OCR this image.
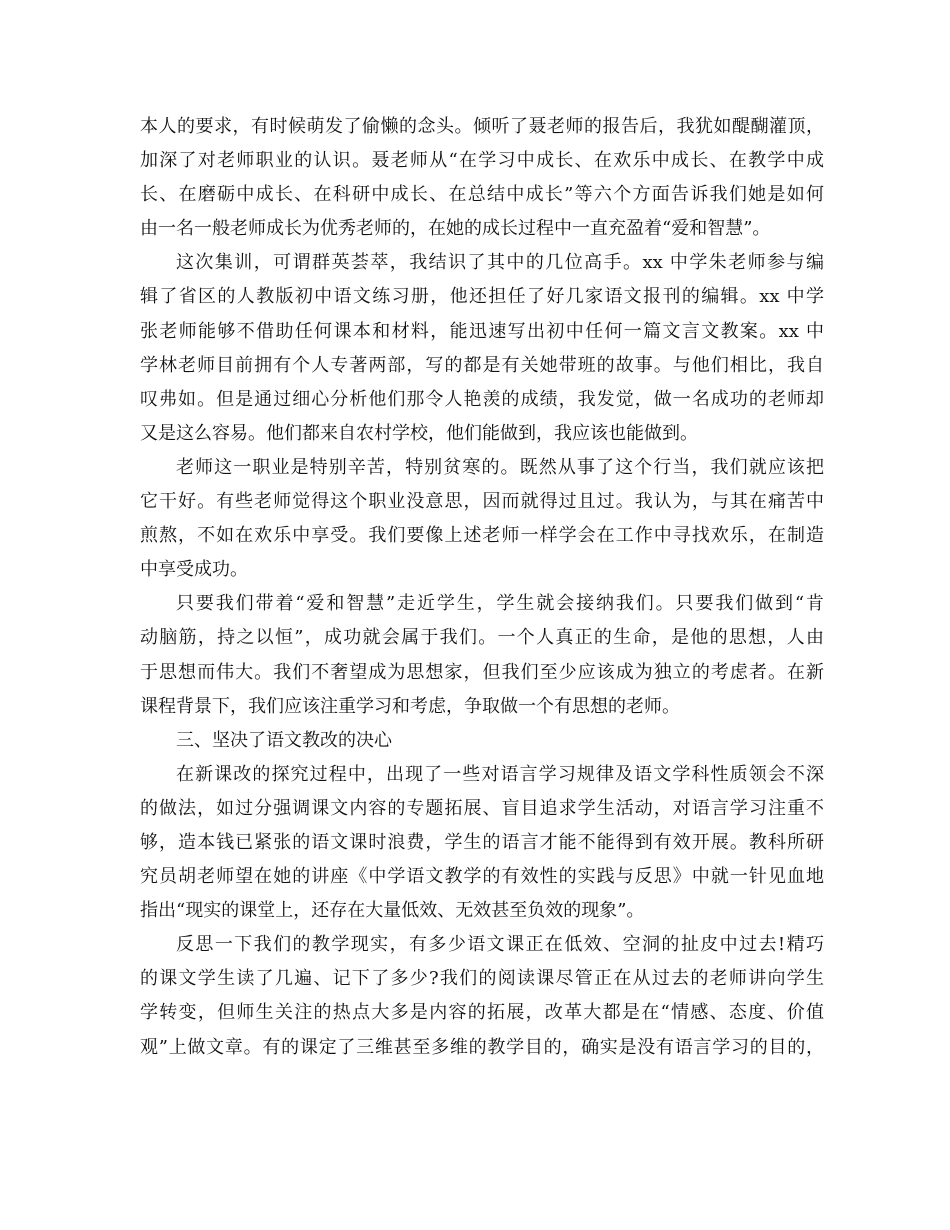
本人的要求，有时候萌发了偷懒的念头。倾听了聂老师的报告后，我犹如醍醐灌顶，
加深了对老师职业的认识。聂老师从“在学习中成长、在欢乐中成长、在教学中成
长、在磨砺中成长、在科研中成长、在总结中成长”等六个方面告诉我们她是如何
由一名一般老师成长为优秀老师的，在她的成长过程中一直充盈着“爱和智慧”。
这次集训，可谓群英荟萃，我结识了其中的几位高手。xx 中学朱老师参与编
辑了省区的人教版初中语文练习册，他还担任了好几家语文报刊的编辑。xx 中学
张老师能够不借助任何课本和材料，能迅速写出初中任何一篇文言文教案。xx 中
学林老师目前拥有个人专著两部，写的都是有关她带班的故事。与他们相比，我自
叹弗如。但是通过细心分析他们那令人艳羡的成绩，我发觉，做一名成功的老师却
又是这么容易。他们都来自农村学校，他们能做到，我应该也能做到。
老师这一职业是特别辛苦，特别贫寒的。既然从事了这个行当，我们就应该把
它干好。有些老师觉得这个职业没意思，因而就得过且过。我认为，与其在痛苦中
煎熬，不如在欢乐中享受。我们要像上述老师一样学会在工作中寻找欢乐，在制造
中享受成功。
只要我们带着“爱和智慧”走近学生，学生就会接纳我们。只要我们做到“肯
动脑筋，持之以恒”，成功就会属于我们。一个人真正的生命，是他的思想，人由
于思想而伟大。我们不奢望成为思想家，但我们至少应该成为独立的考虑者。在新
课程背景下，我们应该注重学习和考虑，争取做一个有思想的老师。
三、坚决了语文教改的决心
在新课改的探究过程中，出现了一些对语言学习规律及语文学科性质领会不深
的做法，如过分强调课文内容的专题拓展、盲目追求学生活动，对语言学习注重不
够，造本钱已紧张的语文课时浪费，学生的语言才能不能得到有效开展。教科所研
究员胡老师望在她的讲座《中学语文教学的有效性的实践与反思》中就一针见血地
指出“现实的课堂上，还存在大量低效、无效甚至负效的现象”。
反思一下我们的教学现实，有多少语文课正在低效、空洞的扯皮中过去!精巧
的课文学生读了几遍、记下了多少?我们的阅读课尽管正在从过去的老师讲向学生
学转变，但师生关注的热点大多是内容的拓展，改革大都是在“情感、态度、价值
观”上做文章。有的课定了三维甚至多维的教学目的，确实是没有语言学习的目的，
